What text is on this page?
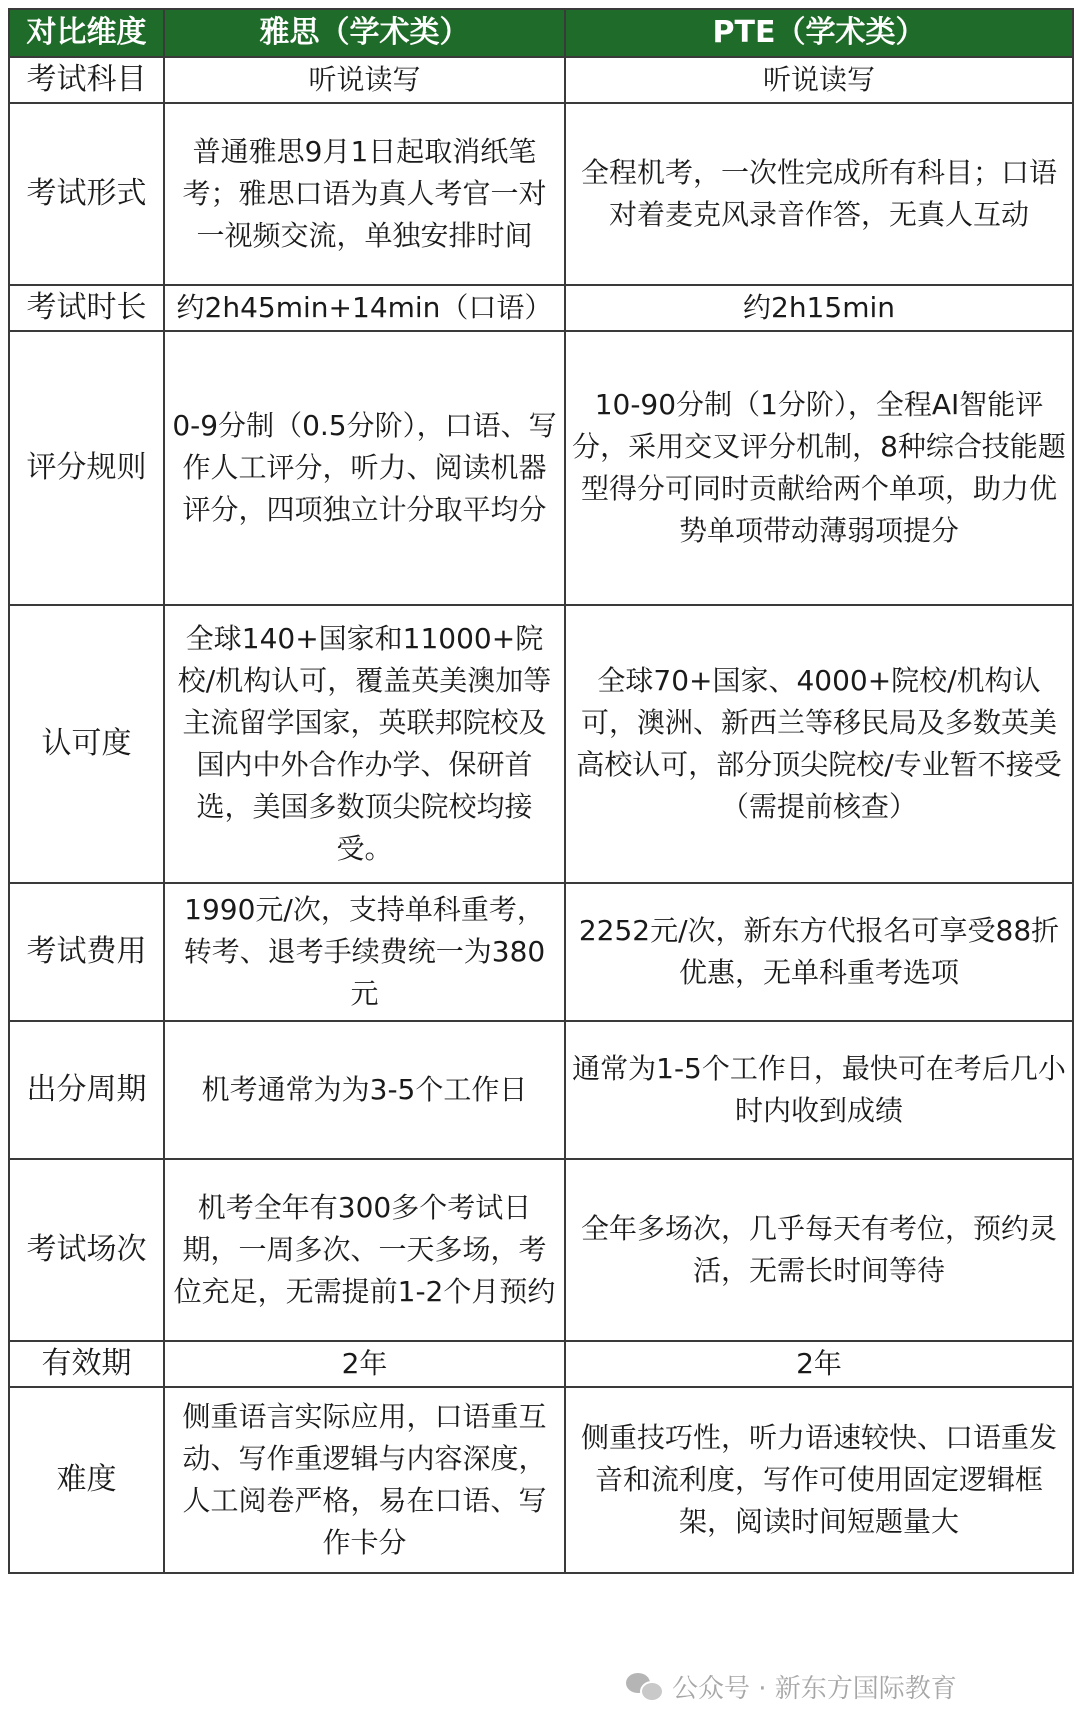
对比维度	雅思（学术类）	PTE（学术类）
考试科目	听说读写	听说读写
考试形式	普通雅思9月1日起取消纸笔考；雅思口语为真人考官一对一视频交流，单独安排时间	全程机考，一次性完成所有科目；口语对着麦克风录音作答，无真人互动
考试时长	约2h45min+14min（口语）	约2h15min
评分规则	0-9分制（0.5分阶），口语、写作人工评分，听力、阅读机器评分，四项独立计分取平均分	10-90分制（1分阶），全程AI智能评分，采用交叉评分机制，8种综合技能题型得分可同时贡献给两个单项，助力优势单项带动薄弱项提分
认可度	全球140+国家和11000+院校/机构认可，覆盖英美澳加等主流留学国家，英联邦院校及国内中外合作办学、保研首选，美国多数顶尖院校均接受。	全球70+国家、4000+院校/机构认可，澳洲、新西兰等移民局及多数英美高校认可，部分顶尖院校/专业暂不接受（需提前核查）
考试费用	1990元/次，支持单科重考，转考、退考手续费统一为380元	2252元/次，新东方代报名可享受88折优惠，无单科重考选项
出分周期	机考通常为为3-5个工作日	通常为1-5个工作日，最快可在考后几小时内收到成绩
考试场次	机考全年有300多个考试日期，一周多次、一天多场，考位充足，无需提前1-2个月预约	全年多场次，几乎每天有考位，预约灵活，无需长时间等待
有效期	2年	2年
难度	侧重语言实际应用，口语重互动、写作重逻辑与内容深度，人工阅卷严格，易在口语、写作卡分	侧重技巧性，听力语速较快、口语重发音和流利度，写作可使用固定逻辑框架，阅读时间短题量大
公众号 · 新东方国际教育
